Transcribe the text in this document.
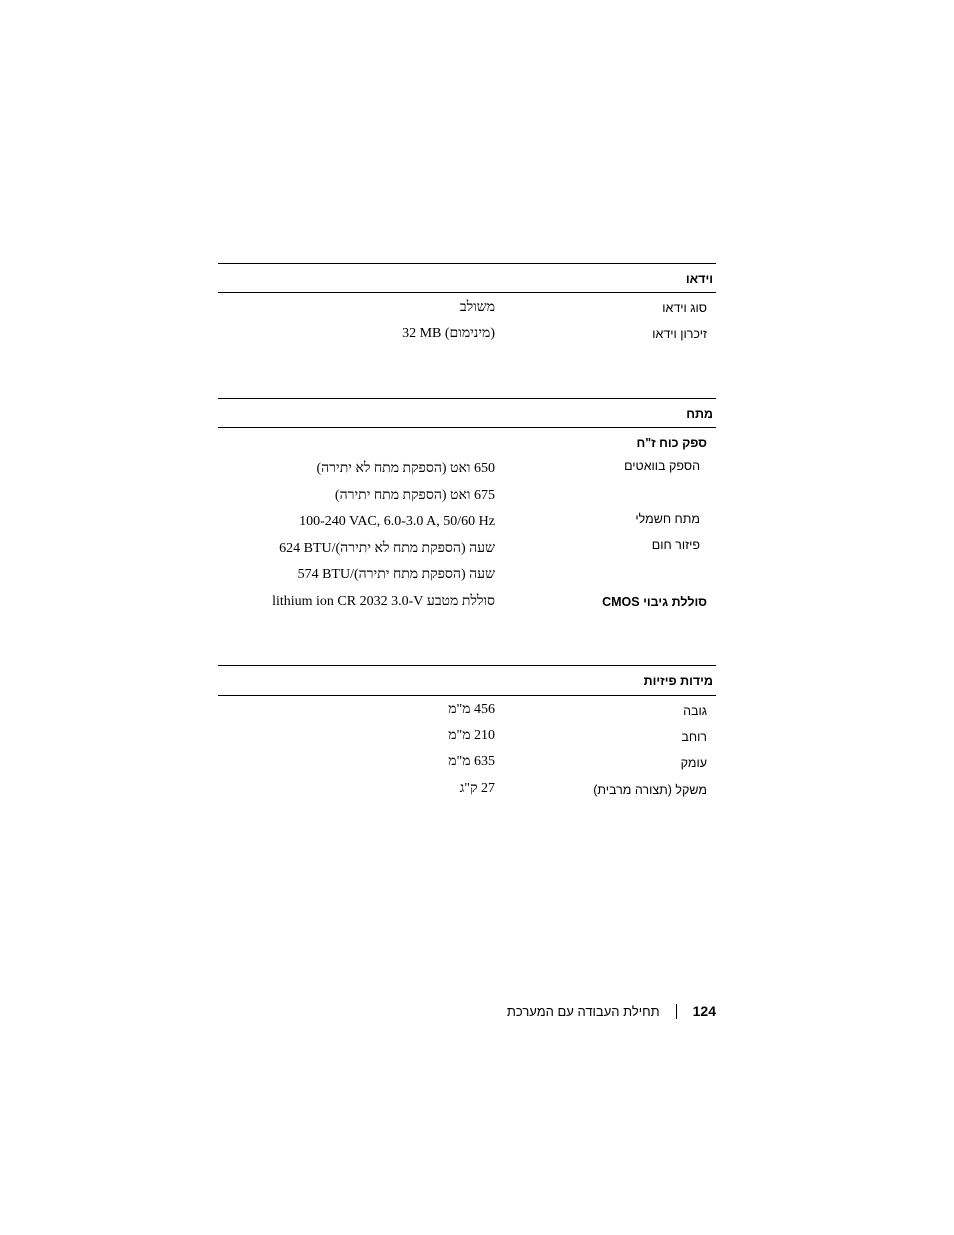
וידאו
סוג וידאו
משולב
זיכרון וידאו
32 MB (מינימום)
מתח
ספק כוח ז"ח
הספק בוואטים
650 ואט (הספקת מתח לא יתירה)
675 ואט (הספקת מתח יתירה)
מתח חשמלי
100-240 VAC, 6.0-3.0 A, 50/60 Hz
פיזור חום
624 BTU/שעה (הספקת מתח לא יתירה)
574 BTU/שעה (הספקת מתח יתירה)
סוללת גיבוי CMOS
סוללת מטבע lithium ion CR 2032 3.0-V
מידות פיזיות
גובה
456 מ"מ
רוחב
210 מ"מ
עומק
635 מ"מ
משקל (תצורה מרבית)
27 ק"ג
124
תחילת העבודה עם המערכת
